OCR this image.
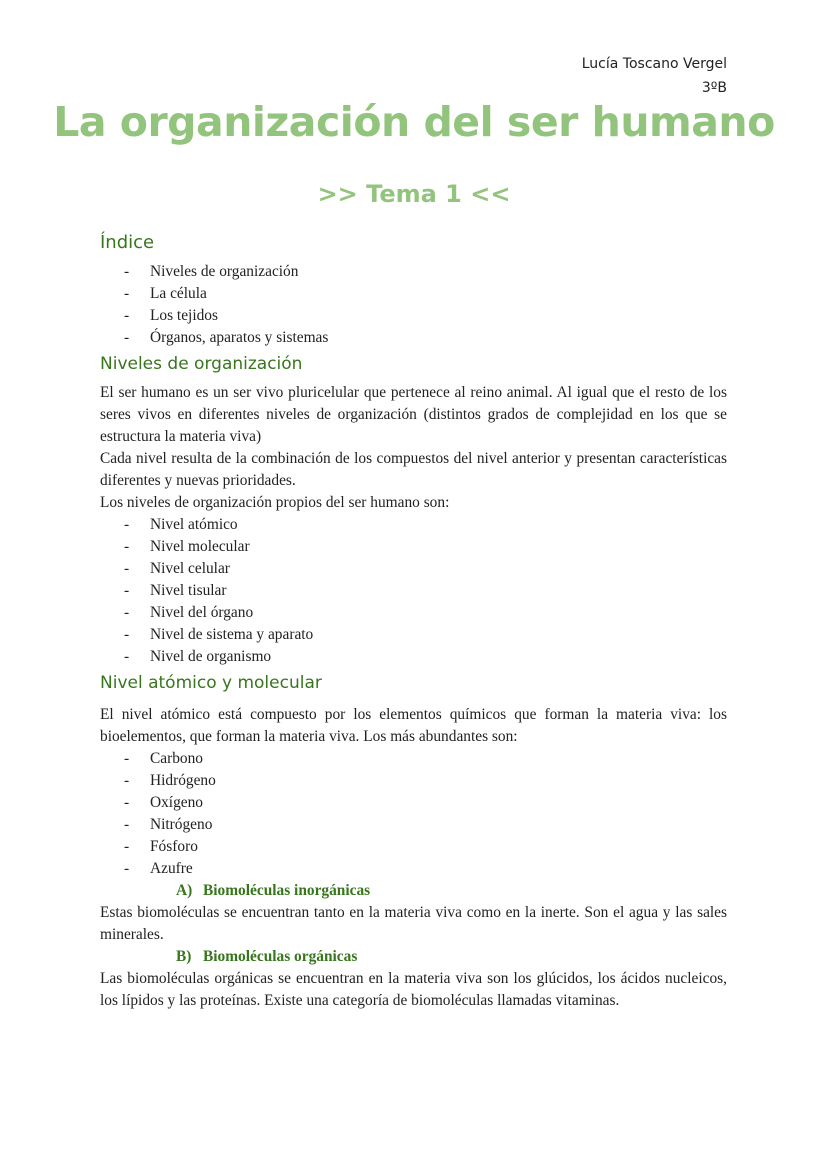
Lucía Toscano Vergel
3ºB
La organización del ser humano
>> Tema 1 <<
Índice
- Niveles de organización
- La célula
- Los tejidos
- Órganos, aparatos y sistemas
Niveles de organización

El ser humano es un ser vivo pluricelular que pertenece al reino animal. Al igual que el resto de los seres vivos en diferentes niveles de organización (distintos grados de complejidad en los que se estructura la materia viva)

Cada nivel resulta de la combinación de los compuestos del nivel anterior y presentan características diferentes y nuevas prioridades.

Los niveles de organización propios del ser humano son:

- Nivel atómico
- Nivel molecular
- Nivel celular
- Nivel tisular
- Nivel del órgano
- Nivel de sistema y aparato
- Nivel de organismo
Nivel atómico y molecular

El nivel atómico está compuesto por los elementos químicos que forman la materia viva: los bioelementos, que forman la materia viva. Los más abundantes son:

- Carbono
- Hidrógeno
- Oxígeno
- Nitrógeno
- Fósforo
- Azufre
A) Biomoléculas inorgánicas

Estas biomoléculas se encuentran tanto en la materia viva como en la inerte. Son el agua y las sales minerales.

B) Biomoléculas orgánicas

Las biomoléculas orgánicas se encuentran en la materia viva son los glúcidos, los ácidos nucleicos, los lípidos y las proteínas. Existe una categoría de biomoléculas llamadas vitaminas.
